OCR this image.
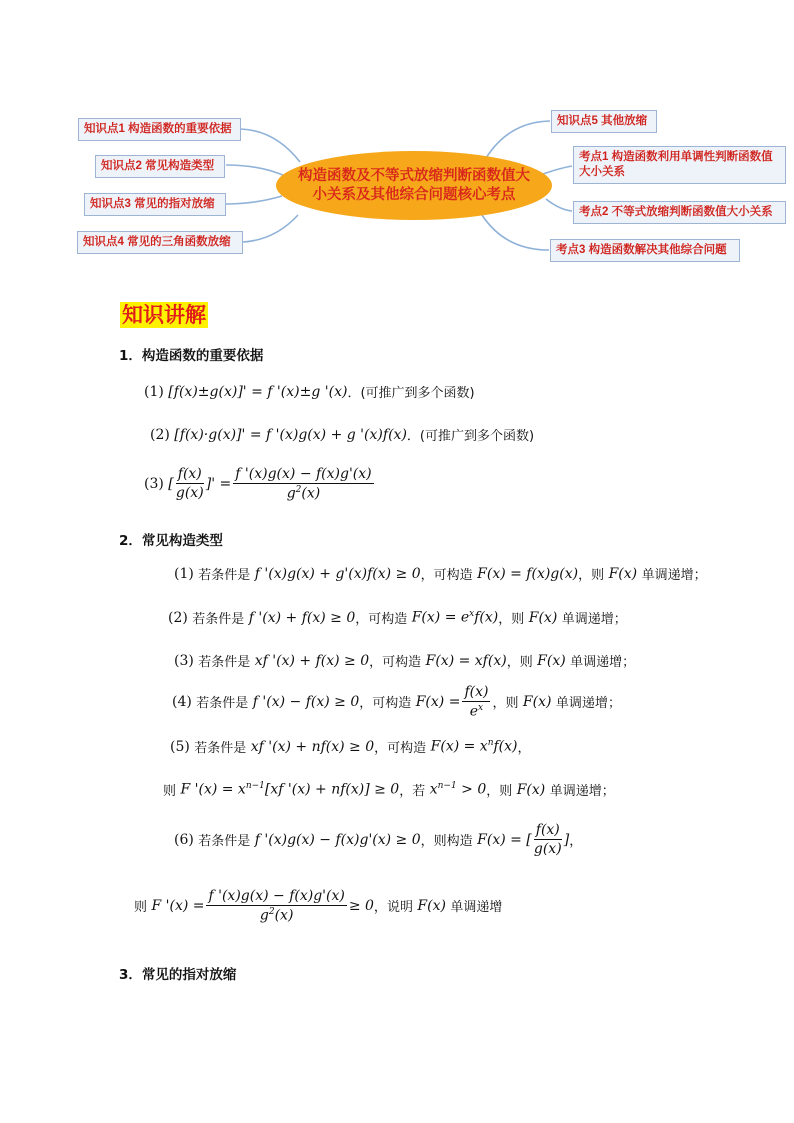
构造函数及不等式放缩判断函数值大小关系及其他综合问题核心考点
知识点1 构造函数的重要依据
知识点2 常见构造类型
知识点3 常见的指对放缩
知识点4 常见的三角函数放缩
知识点5 其他放缩
考点1 构造函数利用单调性判断函数值大小关系
考点2 不等式放缩判断函数值大小关系
考点3 构造函数解决其他综合问题
知识讲解
1．构造函数的重要依据
(1)
[f(x)±g(x)]' = f '(x)±g '(x) ．(可推广到多个函数)
(2)
[f(x)·g(x)]' = f '(x)g(x) + g '(x)f(x) ．(可推广到多个函数)
(3)
[ $\frac{f(x)}{g(x)}$ ]' = $\frac{f '(x)g(x) - f(x)g'(x)}{g^2(x)}$
2．常见构造类型
(1)
若条件是 f '(x)g(x) + g'(x)f(x) ≥ 0 ， 可构造 F(x) = f(x)g(x) ， 则 F(x) 单调递增 ；
(2)
若条件是 f '(x) + f(x) ≥ 0 ， 可构造 $F(x) = e^xf(x)$ ， 则 F(x) 单调递增 ；
(3)
若条件是 xf '(x) + f(x) ≥ 0 ， 可构造 F(x) = xf(x) ， 则 F(x) 单调递增 ；
(4)
若条件是 f '(x) − f(x) ≥ 0 ， 可构造 $F(x) = \frac{f(x)}{e^x}$ ， 则 F(x) 单调递增 ；
(5)
若条件是 xf '(x) + nf(x) ≥ 0 ， 可构造 $F(x) = x^nf(x)$ ，
则 F '$(x) = x^{n-1}[xf$ '(x) + nf(x)] ≥ 0 ， 若 $x^{n-1} > 0$ ， 则 F(x) 单调递增 ；
(6)
若条件是 f '(x)g(x) − f(x)g'(x) ≥ 0 ， 则构造 F(x) = [ $\frac{f(x)}{g(x)}$ ] ，
则 F '$(x) = \frac{f '(x)g(x) - f(x)g'(x)}{g^2(x)} \ge 0$ ， 说明 F(x) 单调递增
3．常见的指对放缩
